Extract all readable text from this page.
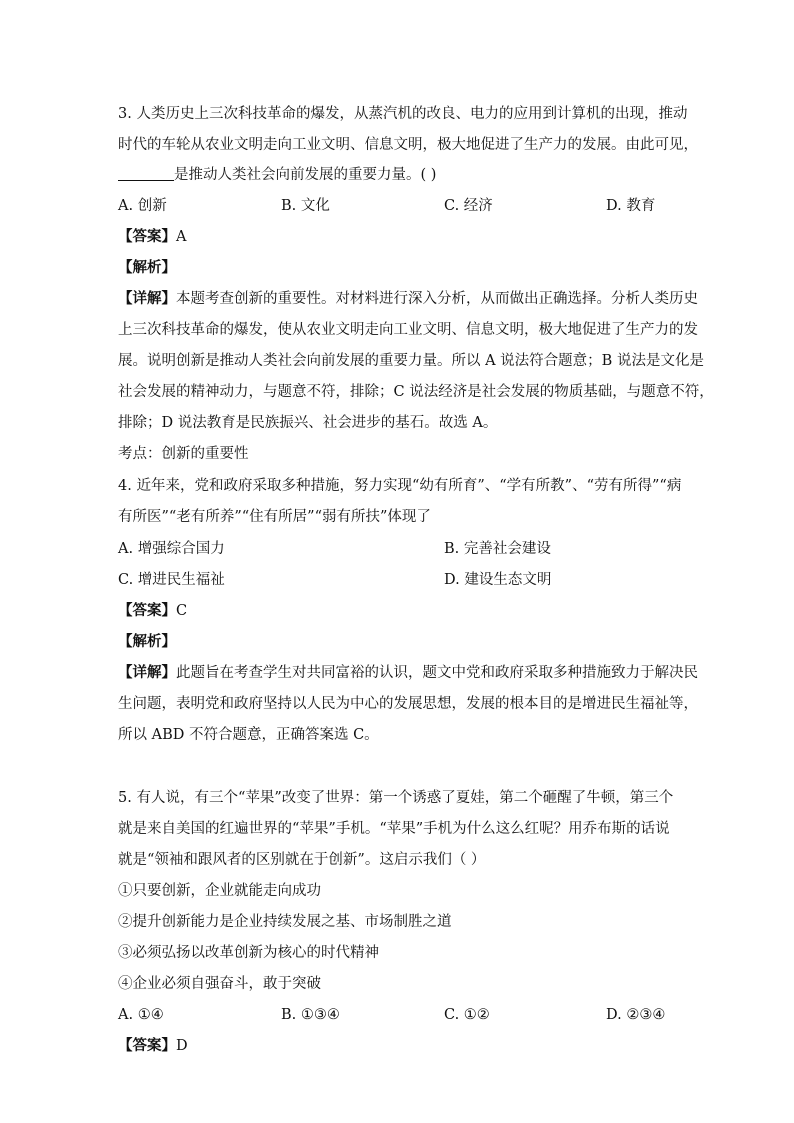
3. 人类历史上三次科技革命的爆发，从蒸汽机的改良、电力的应用到计算机的出现，推动
时代的车轮从农业文明走向工业文明、信息文明，极大地促进了生产力的发展。由此可见，
是推动人类社会向前发展的重要力量。( )
A. 创新	B. 文化	C. 经济	D. 教育
【答案】A
【解析】
【详解】本题考查创新的重要性。对材料进行深入分析，从而做出正确选择。分析人类历史
上三次科技革命的爆发，使从农业文明走向工业文明、信息文明，极大地促进了生产力的发
展。说明创新是推动人类社会向前发展的重要力量。所以 A 说法符合题意；B 说法是文化是
社会发展的精神动力，与题意不符，排除；C 说法经济是社会发展的物质基础，与题意不符，
排除；D 说法教育是民族振兴、社会进步的基石。故选 A。
考点：创新的重要性
4. 近年来，党和政府采取多种措施，努力实现“幼有所育”、“学有所教”、“劳有所得”“病
有所医”“老有所养”“住有所居”“弱有所扶”体现了
A. 增强综合国力	B. 完善社会建设
C. 增进民生福祉	D. 建设生态文明
【答案】C
【解析】
【详解】此题旨在考查学生对共同富裕的认识，题文中党和政府采取多种措施致力于解决民
生问题，表明党和政府坚持以人民为中心的发展思想，发展的根本目的是增进民生福祉等，
所以 ABD 不符合题意，正确答案选 C。
5. 有人说，有三个“苹果”改变了世界：第一个诱惑了夏娃，第二个砸醒了牛顿，第三个
就是来自美国的红遍世界的“苹果”手机。“苹果”手机为什么这么红呢？用乔布斯的话说
就是“领袖和跟风者的区别就在于创新”。这启示我们（ ）
①只要创新，企业就能走向成功
②提升创新能力是企业持续发展之基、市场制胜之道
③必须弘扬以改革创新为核心的时代精神
④企业必须自强奋斗，敢于突破
A. ①④	B. ①③④	C. ①②	D. ②③④
【答案】D
